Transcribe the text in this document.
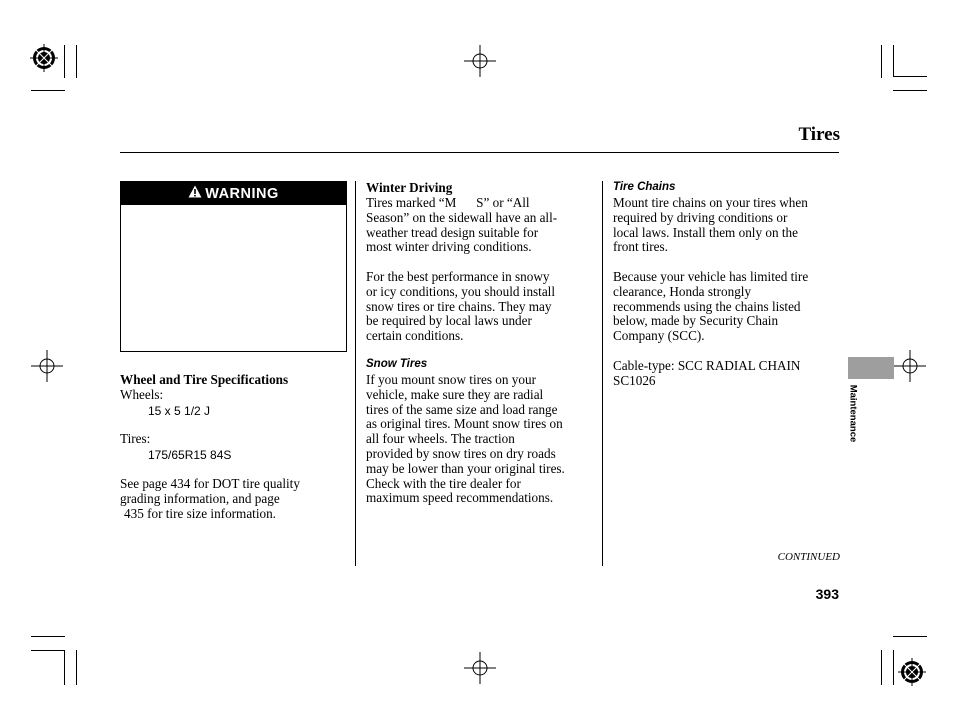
Tires
WARNING
Wheel and Tire Specifications
Wheels:
15 x 5 1/2 J
Tires:
175/65R15 84S
See page 434 for DOT tire quality
grading information, and page
435 for tire size information.
Winter Driving
Tires marked “M      S” or “All
Season” on the sidewall have an all-
weather tread design suitable for
most winter driving conditions.
For the best performance in snowy
or icy conditions, you should install
snow tires or tire chains. They may
be required by local laws under
certain conditions.
Snow Tires
If you mount snow tires on your
vehicle, make sure they are radial
tires of the same size and load range
as original tires. Mount snow tires on
all four wheels. The traction
provided by snow tires on dry roads
may be lower than your original tires.
Check with the tire dealer for
maximum speed recommendations.
Tire Chains
Mount tire chains on your tires when
required by driving conditions or
local laws. Install them only on the
front tires.
Because your vehicle has limited tire
clearance, Honda strongly
recommends using the chains listed
below, made by Security Chain
Company (SCC).
Cable-type: SCC RADIAL CHAIN
SC1026
Maintenance
CONTINUED
393
